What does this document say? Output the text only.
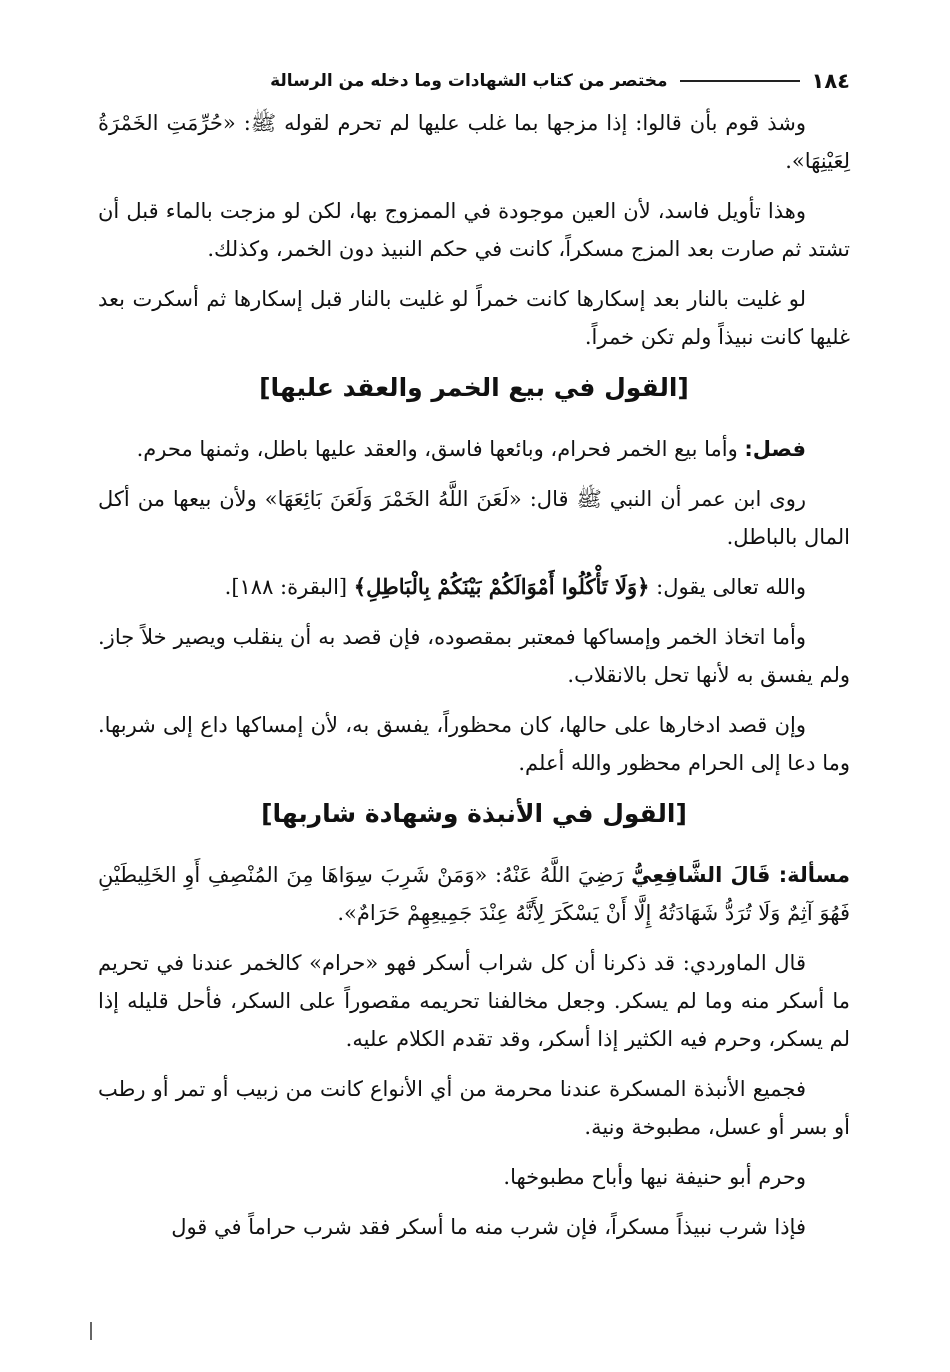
١٨٤
مختصر من كتاب الشهادات وما دخله من الرسالة

وشذ قوم بأن قالوا: إذا مزجها بما غلب عليها لم تحرم لقوله ﷺ: «حُرِّمَتِ الخَمْرَةُ لِعَيْنِهَا».

وهذا تأويل فاسد، لأن العين موجودة في الممزوج بها، لكن لو مزجت بالماء قبل أن تشتد ثم صارت بعد المزج مسكراً، كانت في حكم النبيذ دون الخمر، وكذلك.

لو غليت بالنار بعد إسكارها كانت خمراً لو غليت بالنار قبل إسكارها ثم أسكرت بعد غليها كانت نبيذاً ولم تكن خمراً.

[القول في بيع الخمر والعقد عليها]

فصل: وأما بيع الخمر فحرام، وبائعها فاسق، والعقد عليها باطل، وثمنها محرم.

روى ابن عمر أن النبي ﷺ قال: «لَعَنَ اللَّهُ الخَمْرَ وَلَعَنَ بَائِعَهَا» ولأن بيعها من أكل المال بالباطل.

والله تعالى يقول: ﴿وَلَا تَأْكُلُوا أَمْوَالَكُمْ بَيْنَكُمْ بِالْبَاطِلِ﴾ [البقرة: ١٨٨].

وأما اتخاذ الخمر وإمساكها فمعتبر بمقصوده، فإن قصد به أن ينقلب ويصير خلاً جاز. ولم يفسق به لأنها تحل بالانقلاب.

وإن قصد ادخارها على حالها، كان محظوراً، يفسق به، لأن إمساكها داع إلى شربها. وما دعا إلى الحرام محظور والله أعلم.

[القول في الأنبذة وشهادة شاربها]

مسألة: قَالَ الشَّافِعِيُّ رَضِيَ اللَّهُ عَنْهُ: «وَمَنْ شَرِبَ سِوَاهَا مِنَ المُنْصِفِ أَوِ الخَلِيطَيْنِ فَهُوَ آثِمٌ وَلَا تُرَدُّ شَهَادَتُهُ إِلَّا أَنْ يَسْكَرَ لِأَنَّهُ عِنْدَ جَمِيعِهِمْ حَرَامٌ».

قال الماوردي: قد ذكرنا أن كل شراب أسكر فهو «حرام» كالخمر عندنا في تحريم ما أسكر منه وما لم يسكر. وجعل مخالفنا تحريمه مقصوراً على السكر، فأحل قليله إذا لم يسكر، وحرم فيه الكثير إذا أسكر، وقد تقدم الكلام عليه.

فجميع الأنبذة المسكرة عندنا محرمة من أي الأنواع كانت من زبيب أو تمر أو رطب أو بسر أو عسل، مطبوخة ونية.

وحرم أبو حنيفة نيها وأباح مطبوخها.

فإذا شرب نبيذاً مسكراً، فإن شرب منه ما أسكر فقد شرب حراماً في قول
